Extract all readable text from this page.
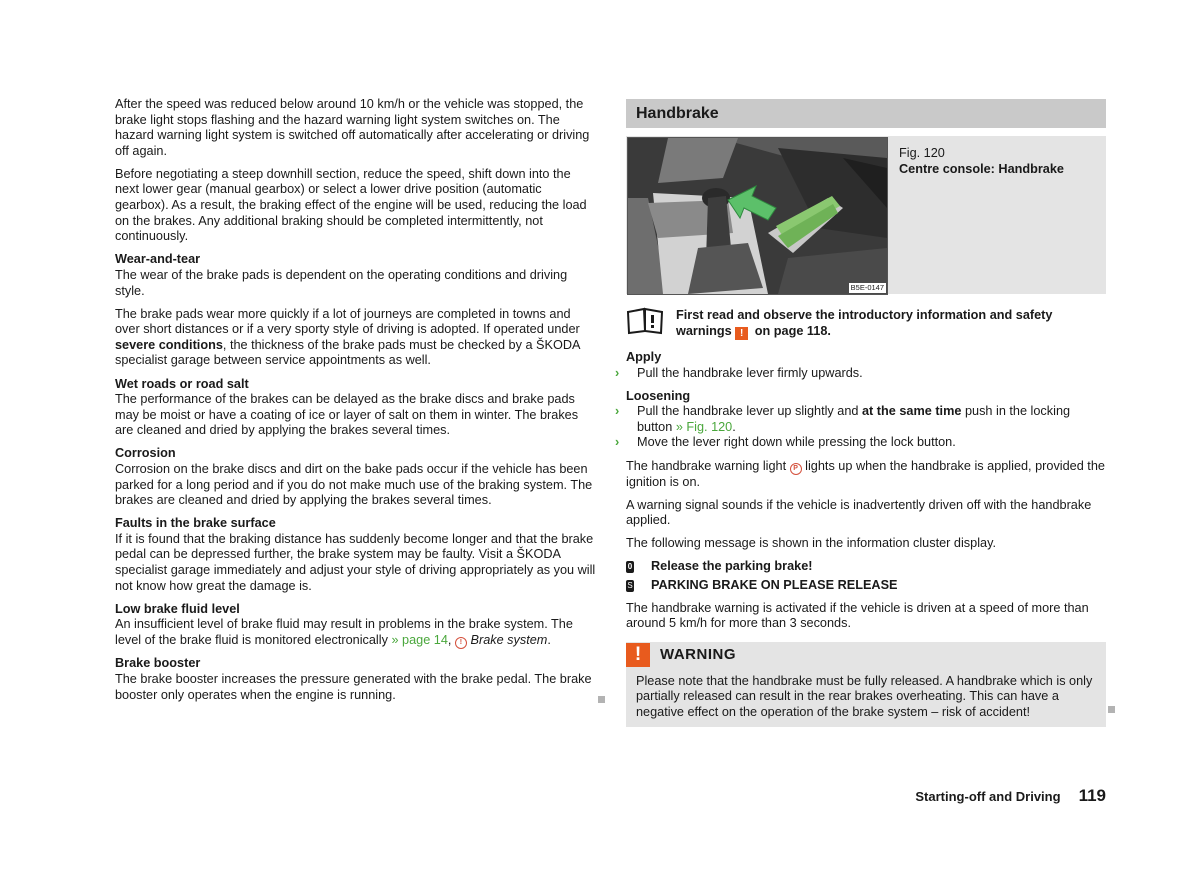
After the speed was reduced below around 10 km/h or the vehicle was stopped, the brake light stops flashing and the hazard warning light system switches on. The hazard warning light system is switched off automatically after accelerating or driving off again.

Before negotiating a steep downhill section, reduce the speed, shift down into the next lower gear (manual gearbox) or select a lower drive position (automatic gearbox). As a result, the braking effect of the engine will be used, reducing the load on the brakes. Any additional braking should be completed intermittently, not continuously.

Wear-and-tear

The wear of the brake pads is dependent on the operating conditions and driving style.

The brake pads wear more quickly if a lot of journeys are completed in towns and over short distances or if a very sporty style of driving is adopted. If operated under severe conditions, the thickness of the brake pads must be checked by a ŠKODA specialist garage between service appointments as well.

Wet roads or road salt

The performance of the brakes can be delayed as the brake discs and brake pads may be moist or have a coating of ice or layer of salt on them in winter. The brakes are cleaned and dried by applying the brakes several times.

Corrosion

Corrosion on the brake discs and dirt on the bake pads occur if the vehicle has been parked for a long period and if you do not make much use of the braking system. The brakes are cleaned and dried by applying the brakes several times.

Faults in the brake surface

If it is found that the braking distance has suddenly become longer and that the brake pedal can be depressed further, the brake system may be faulty. Visit a ŠKODA specialist garage immediately and adjust your style of driving appropriately as you will not know how great the damage is.

Low brake fluid level

An insufficient level of brake fluid may result in problems in the brake system. The level of the brake fluid is monitored electronically » page 14, ! Brake system.

Brake booster

The brake booster increases the pressure generated with the brake pedal. The brake booster only operates when the engine is running.

Handbrake
B5E-0147
Fig. 120
Centre console: Handbrake
First read and observe the introductory information and safety warnings ! on page 118.
Apply

› Pull the handbrake lever firmly upwards.

Loosening

› Pull the handbrake lever up slightly and at the same time push in the locking button » Fig. 120.

› Move the lever right down while pressing the lock button.

The handbrake warning light P lights up when the handbrake is applied, provided the ignition is on.

A warning signal sounds if the vehicle is inadvertently driven off with the handbrake applied.

The following message is shown in the information cluster display.

0 Release the parking brake!
S PARKING BRAKE ON PLEASE RELEASE

The handbrake warning is activated if the vehicle is driven at a speed of more than around 5 km/h for more than 3 seconds.

!	WARNING
Please note that the handbrake must be fully released. A handbrake which is only partially released can result in the rear brakes overheating. This can have a negative effect on the operation of the brake system – risk of accident!
Starting-off and Driving 119
